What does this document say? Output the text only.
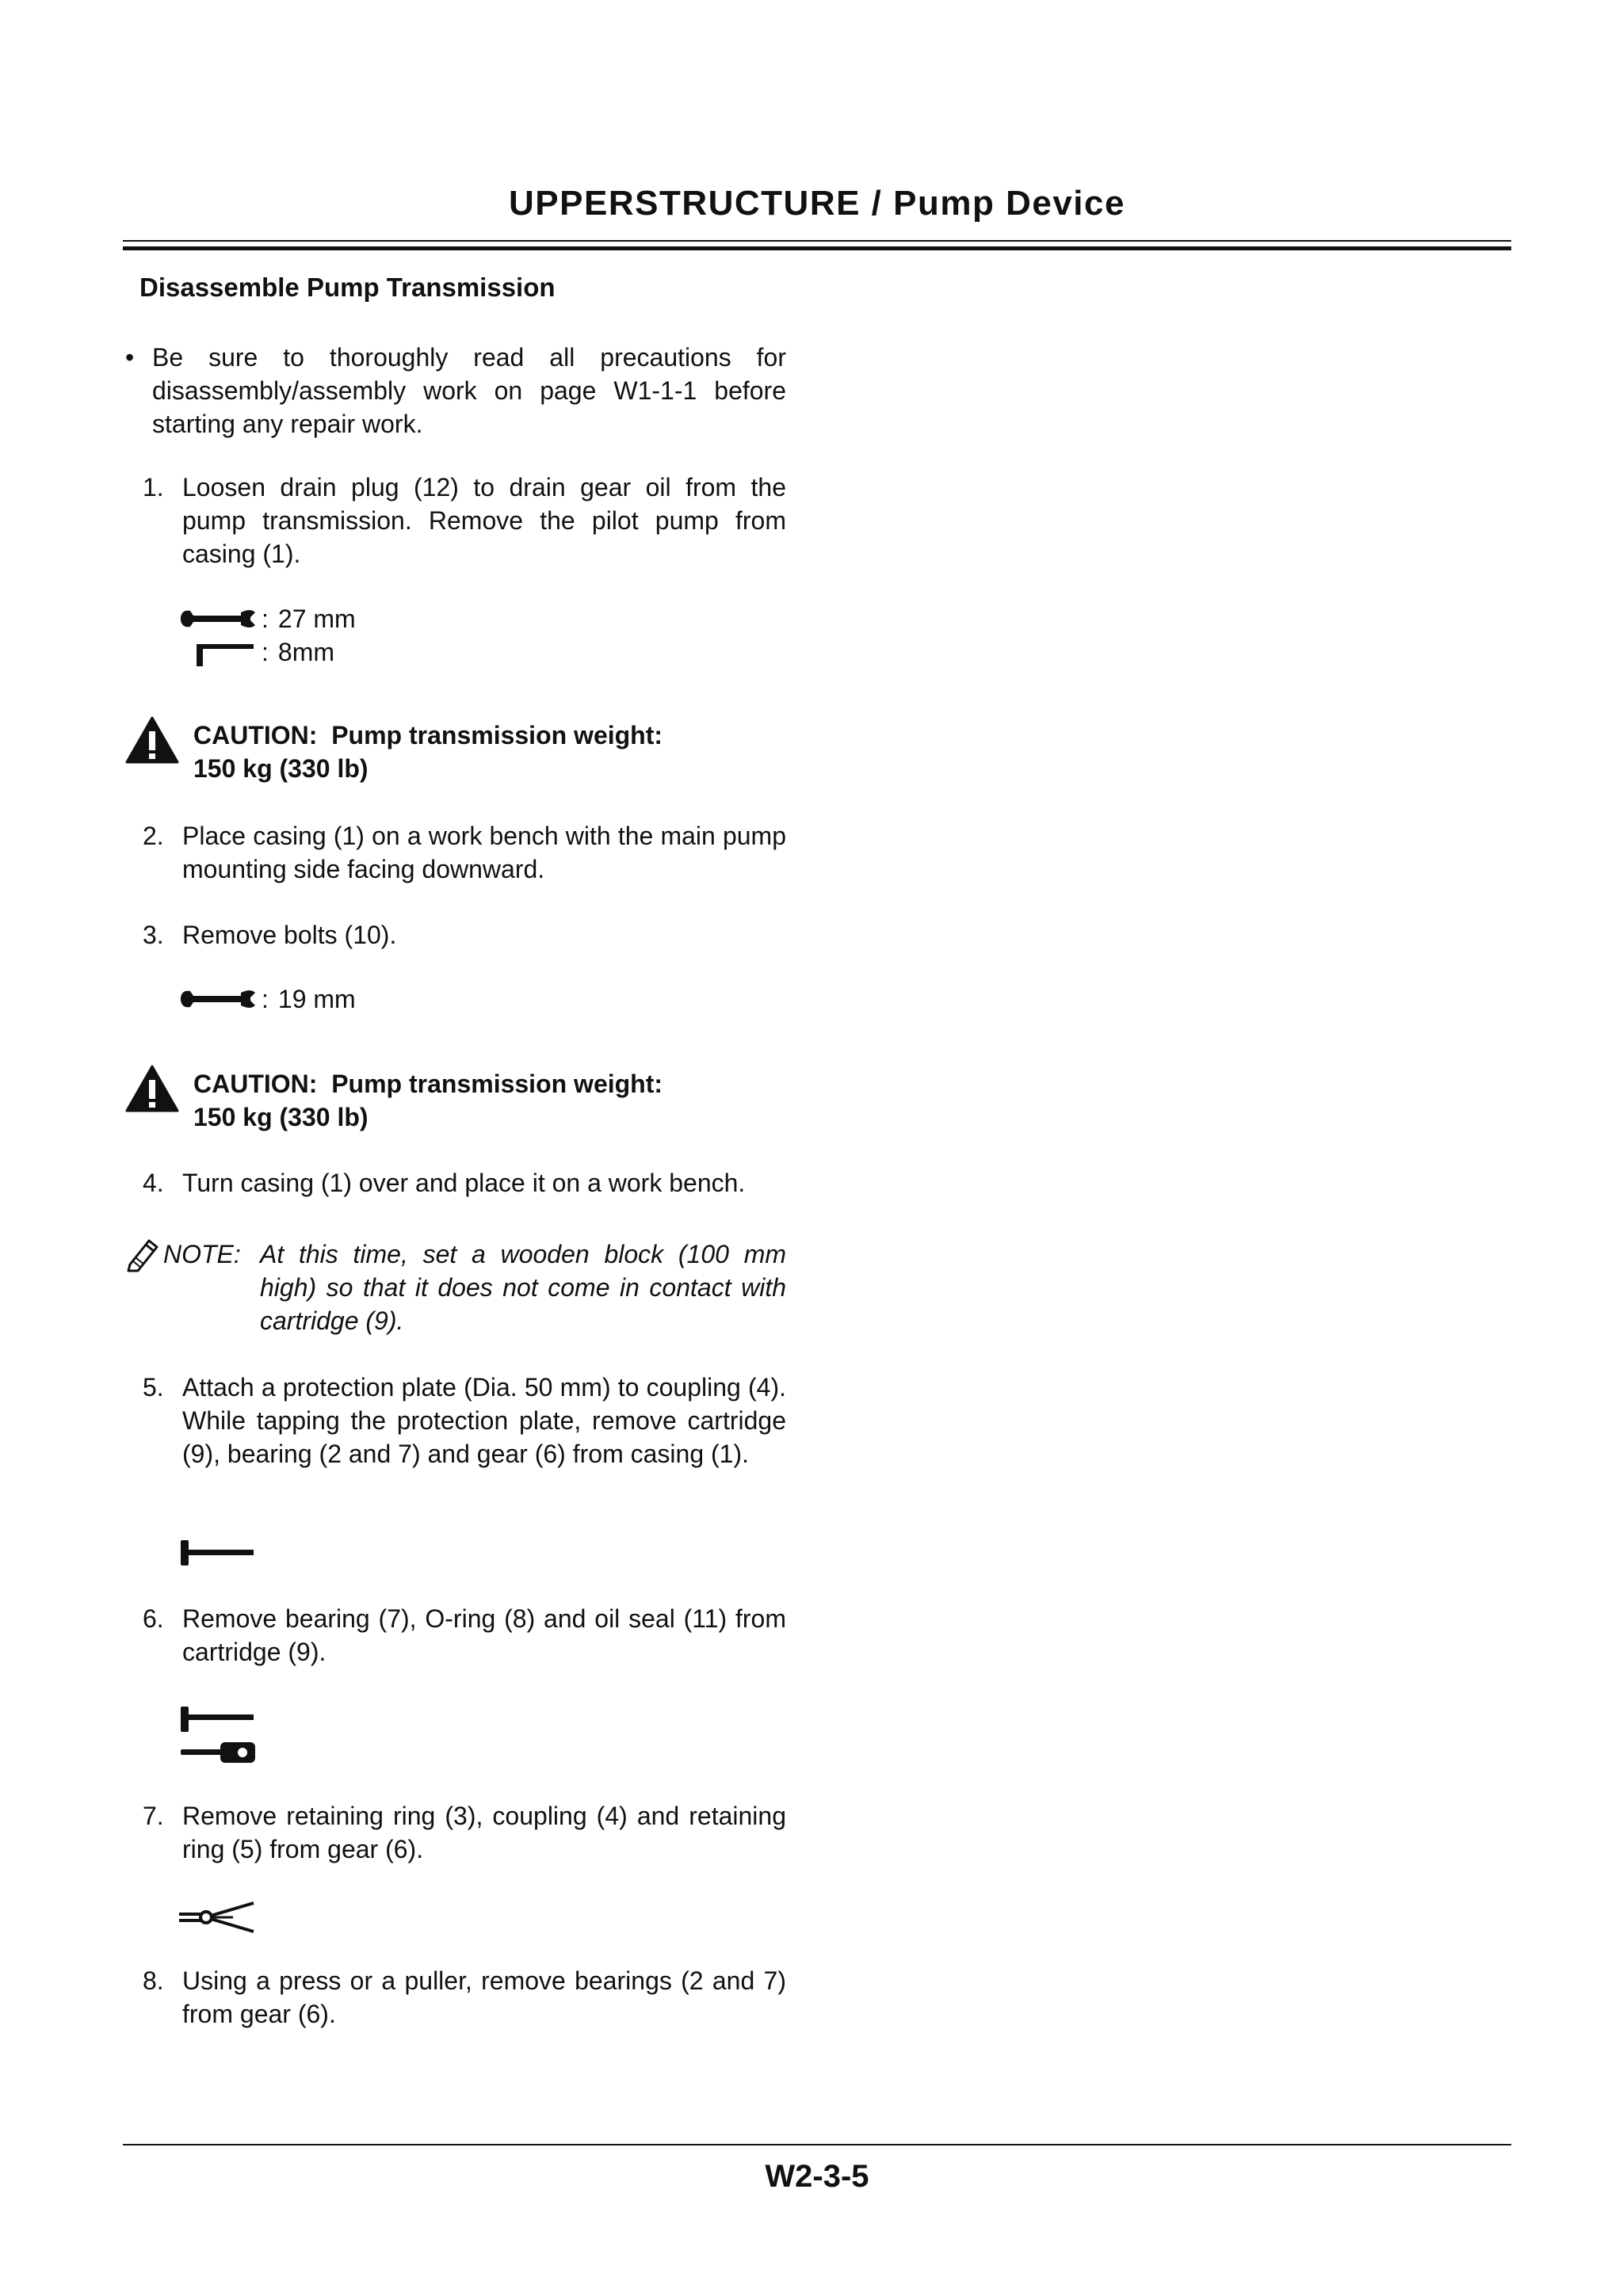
UPPERSTRUCTURE / Pump Device
Disassemble Pump Transmission
• Be sure to thoroughly read all precautions for disassembly/assembly work on page W1-1-1 before starting any repair work.
1. Loosen drain plug (12) to drain gear oil from the pump transmission. Remove the pilot pump from casing (1).
: 27 mm
: 8mm
CAUTION: Pump transmission weight:
150 kg (330 lb)
2. Place casing (1) on a work bench with the main pump mounting side facing downward.
3. Remove bolts (10).
: 19 mm
CAUTION: Pump transmission weight:
150 kg (330 lb)
4. Turn casing (1) over and place it on a work bench.
NOTE: At this time, set a wooden block (100 mm high) so that it does not come in contact with cartridge (9).
5. Attach a protection plate (Dia. 50 mm) to coupling (4). While tapping the protection plate, remove cartridge (9), bearing (2 and 7) and gear (6) from casing (1).
6. Remove bearing (7), O-ring (8) and oil seal (11) from cartridge (9).
7. Remove retaining ring (3), coupling (4) and retaining ring (5) from gear (6).
8. Using a press or a puller, remove bearings (2 and 7) from gear (6).
W2-3-5
